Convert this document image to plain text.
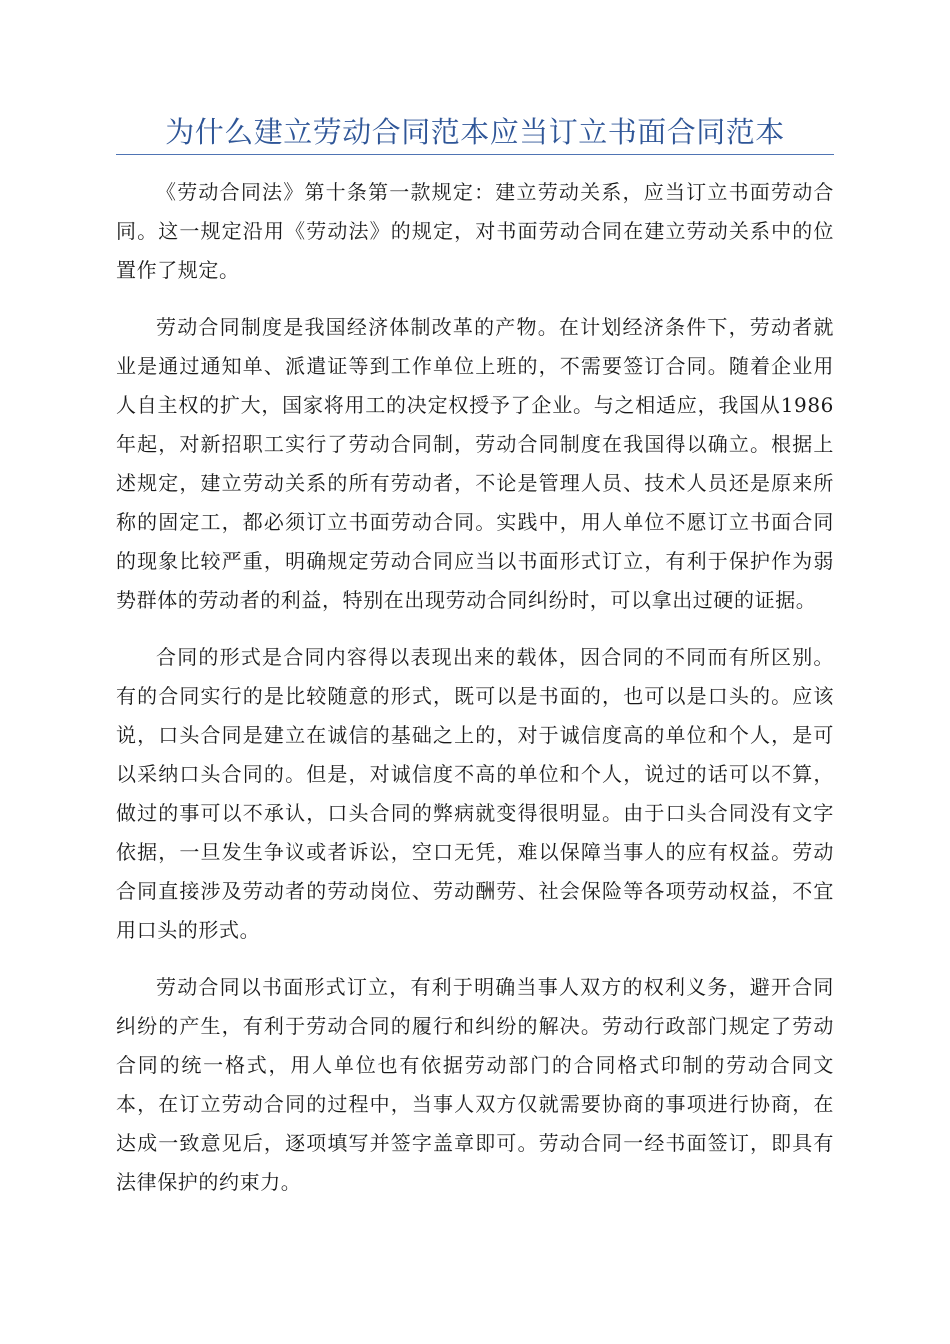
为什么建立劳动合同范本应当订立书面合同范本

《劳动合同法》第十条第一款规定：建立劳动关系，应当订立书面劳动合同。这一规定沿用《劳动法》的规定，对书面劳动合同在建立劳动关系中的位置作了规定。

劳动合同制度是我国经济体制改革的产物。在计划经济条件下，劳动者就业是通过通知单、派遣证等到工作单位上班的，不需要签订合同。随着企业用人自主权的扩大，国家将用工的决定权授予了企业。与之相适应，我国从1986年起，对新招职工实行了劳动合同制，劳动合同制度在我国得以确立。根据上述规定，建立劳动关系的所有劳动者，不论是管理人员、技术人员还是原来所称的固定工，都必须订立书面劳动合同。实践中，用人单位不愿订立书面合同的现象比较严重，明确规定劳动合同应当以书面形式订立，有利于保护作为弱势群体的劳动者的利益，特别在出现劳动合同纠纷时，可以拿出过硬的证据。

合同的形式是合同内容得以表现出来的载体，因合同的不同而有所区别。有的合同实行的是比较随意的形式，既可以是书面的，也可以是口头的。应该说，口头合同是建立在诚信的基础之上的，对于诚信度高的单位和个人，是可以采纳口头合同的。但是，对诚信度不高的单位和个人，说过的话可以不算，做过的事可以不承认，口头合同的弊病就变得很明显。由于口头合同没有文字依据，一旦发生争议或者诉讼，空口无凭，难以保障当事人的应有权益。劳动合同直接涉及劳动者的劳动岗位、劳动酬劳、社会保险等各项劳动权益，不宜用口头的形式。

劳动合同以书面形式订立，有利于明确当事人双方的权利义务，避开合同纠纷的产生，有利于劳动合同的履行和纠纷的解决。劳动行政部门规定了劳动合同的统一格式，用人单位也有依据劳动部门的合同格式印制的劳动合同文本，在订立劳动合同的过程中，当事人双方仅就需要协商的事项进行协商，在达成一致意见后，逐项填写并签字盖章即可。劳动合同一经书面签订，即具有法律保护的约束力。
